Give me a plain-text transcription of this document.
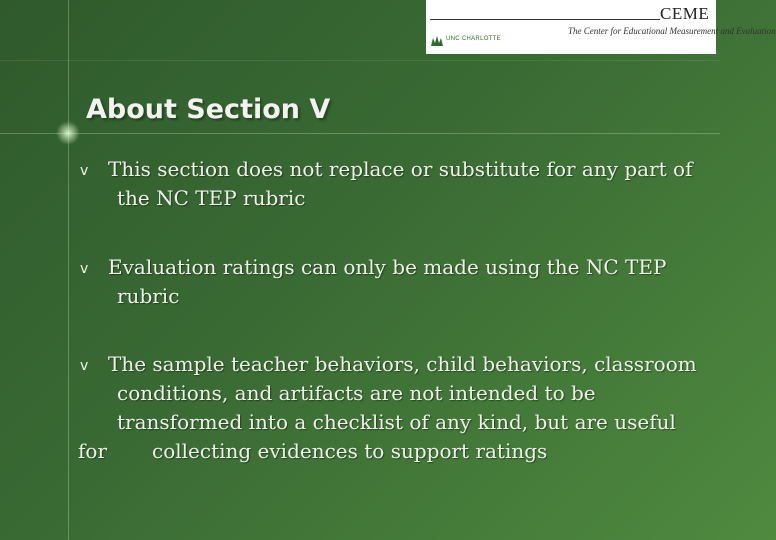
CEME
The Center for Educational Measurement and Evaluation
UNC CHARLOTTE
About Section V
v This section does not replace or substitute for any part of
the NC TEP rubric
v Evaluation ratings can only be made using the NC TEP
rubric
v The sample teacher behaviors, child behaviors, classroom
conditions, and artifacts are not intended to be
transformed into a checklist of any kind, but are useful
for collecting evidences to support ratings
